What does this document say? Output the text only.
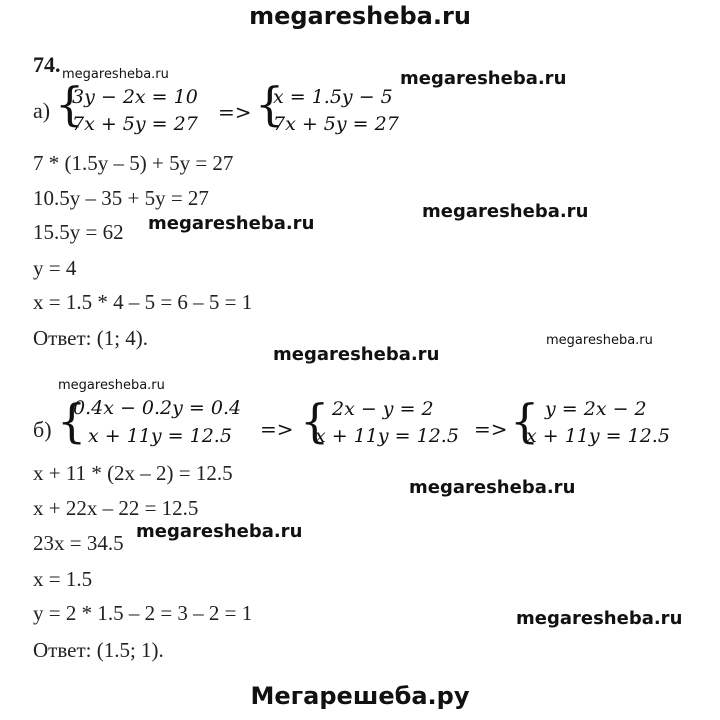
megaresheba.ru
74. megaresheba.ru	megaresheba.ru
megaresheba.ru
megaresheba.ru
megaresheba.ru
megaresheba.ru
megaresheba.ru
megaresheba.ru
megaresheba.ru
megaresheba.ru
а) {
3y − 2x = 10
7x + 5y = 27 => {
x = 1.5y − 5
7x + 5y = 27
7 * (1.5y – 5) + 5y = 27
10.5y – 35 + 5y = 27
15.5y = 62
y = 4
x = 1.5 * 4 – 5 = 6 – 5 = 1
Ответ: (1; 4).
б) {
0.4x − 0.2y = 0.4
x + 11y = 12.5 => { 2x − y = 2
x + 11y = 12.5 => { y = 2x − 2
x + 11y = 12.5
x + 11 * (2x – 2) = 12.5
x + 22x – 22 = 12.5
23x = 34.5
x = 1.5
y = 2 * 1.5 – 2 = 3 – 2 = 1
Ответ: (1.5; 1).
Мегарешеба.ру
